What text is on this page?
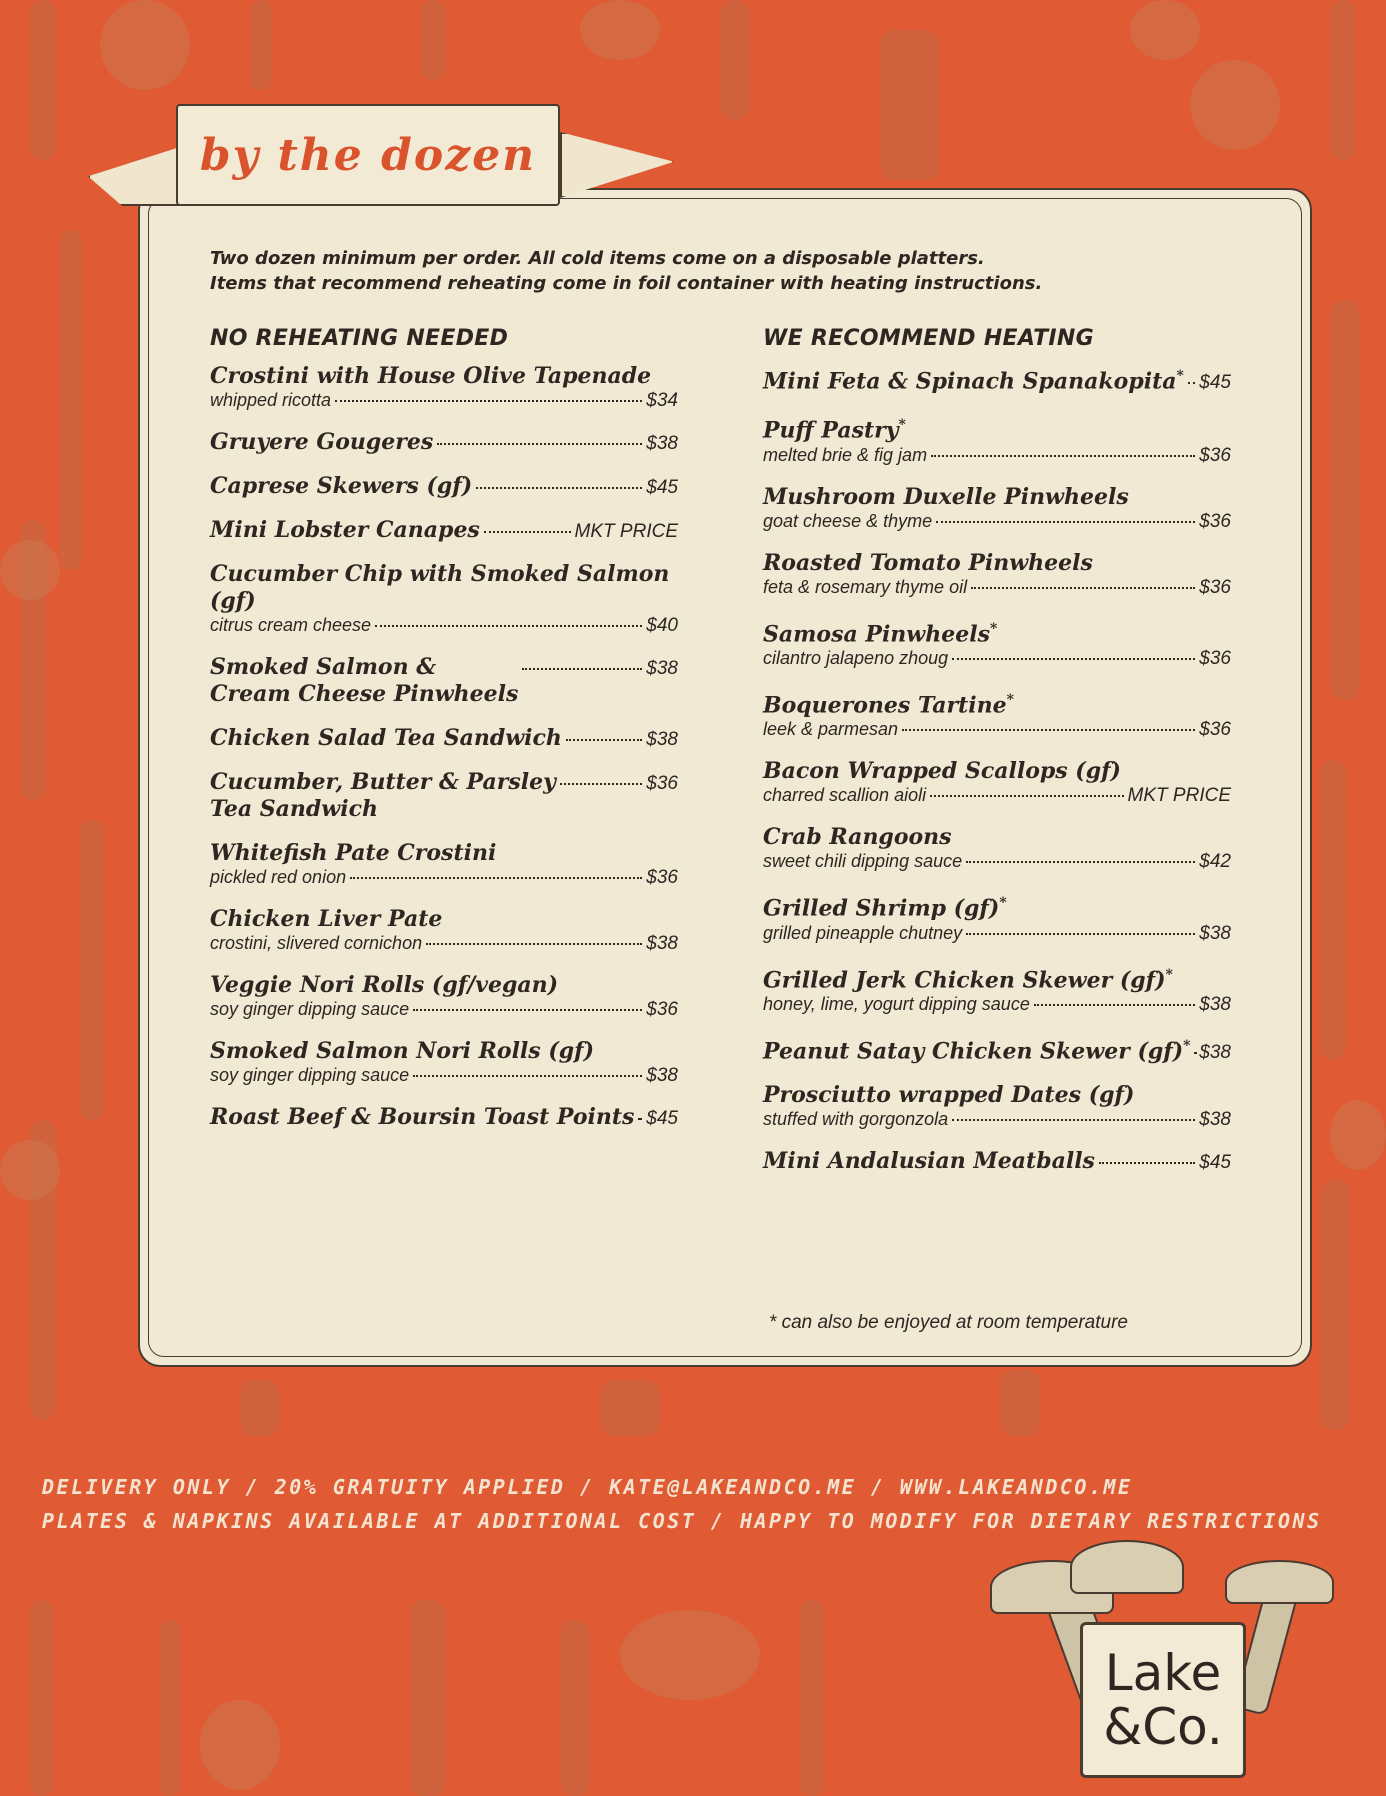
by the dozen
Two dozen minimum per order. All cold items come on a disposable platters.
Items that recommend reheating come in foil container with heating instructions.
NO REHEATING NEEDED
Crostini with House Olive Tapenade
whipped ricotta	$34
Gruyere Gougeres	$38
Caprese Skewers (gf)	$45
Mini Lobster Canapes	MKT PRICE
Cucumber Chip with Smoked Salmon (gf)
citrus cream cheese	$40
Smoked Salmon &
Cream Cheese Pinwheels
$38
Chicken Salad Tea Sandwich	$38
Cucumber, Butter & Parsley
Tea Sandwich
$36
Whitefish Pate Crostini
pickled red onion	$36
Chicken Liver Pate
crostini, slivered cornichon	$38
Veggie Nori Rolls (gf/vegan)
soy ginger dipping sauce	$36
Smoked Salmon Nori Rolls (gf)
soy ginger dipping sauce	$38
Roast Beef & Boursin Toast Points $45
WE RECOMMEND HEATING
Mini Feta & Spinach Spanakopita* $45
Puff Pastry*
melted brie & fig jam	$36
Mushroom Duxelle Pinwheels
goat cheese & thyme	$36
Roasted Tomato Pinwheels
feta & rosemary thyme oil	$36
Samosa Pinwheels*
cilantro jalapeno zhoug	$36
Boquerones Tartine*
leek & parmesan	$36
Bacon Wrapped Scallops (gf)
charred scallion aioli	MKT PRICE
Crab Rangoons
sweet chili dipping sauce	$42
Grilled Shrimp (gf)*
grilled pineapple chutney	$38
Grilled Jerk Chicken Skewer (gf)*
honey, lime, yogurt dipping sauce	$38
Peanut Satay Chicken Skewer (gf)* $38
Prosciutto wrapped Dates (gf)
stuffed with gorgonzola	$38
Mini Andalusian Meatballs	$45
* can also be enjoyed at room temperature
DELIVERY ONLY / 20% GRATUITY APPLIED / KATE@LAKEANDCO.ME / WWW.LAKEANDCO.ME
PLATES & NAPKINS AVAILABLE AT ADDITIONAL COST / HAPPY TO MODIFY FOR DIETARY RESTRICTIONS
Lake
&Co.
